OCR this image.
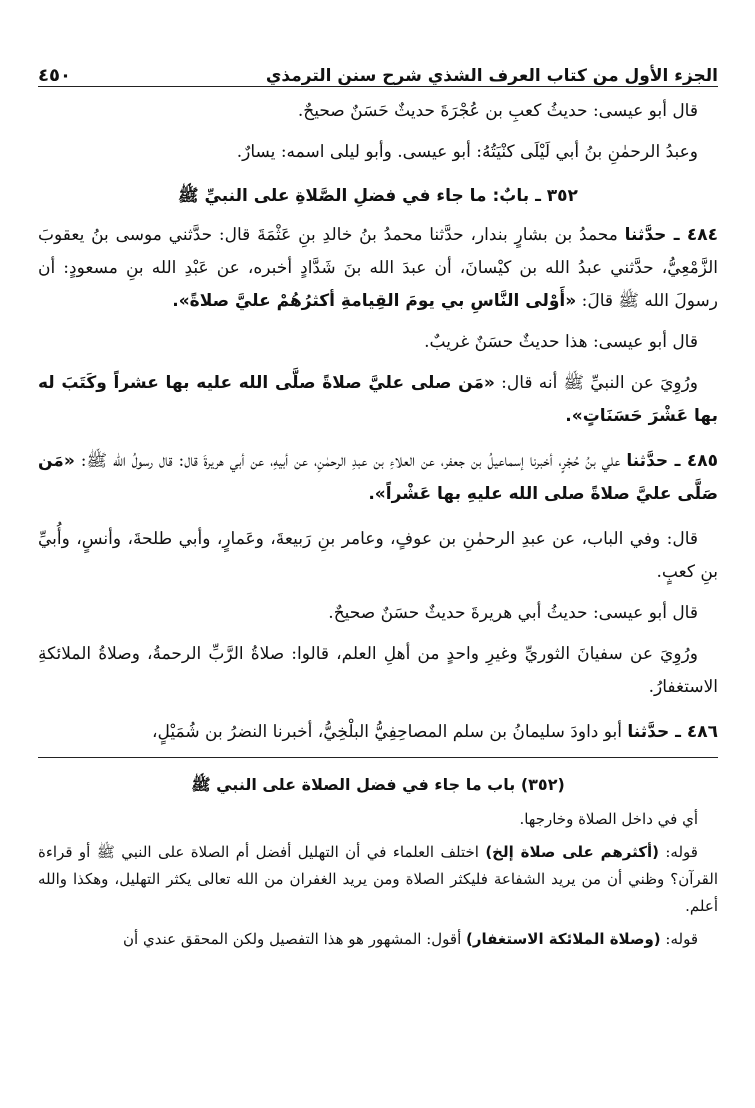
الجزء الأول من كتاب العرف الشذي شرح سنن الترمذي
٤٥٠

قال أبو عيسى: حديثُ كعبِ بن عُجْرَةَ حديثٌ حَسَنٌ صحيحٌ.

وعبدُ الرحمٰنِ بنُ أبي لَيْلَى كنْيَتُهُ: أبو عيسى. وأبو ليلى اسمه: يسارٌ.

٣٥٢ ـ بابٌ: ما جاء في فضلِ الصَّلاةِ على النبيِّ ﷺ

٤٨٤ ـ حدَّثنا محمدُ بن بشارٍ بندار، حدَّثنا محمدُ بنُ خالدِ بنِ عَثْمَةَ قال: حدَّثني موسى بنُ يعقوبَ الزَّمْعِيُّ، حدَّثني عبدُ الله بن كيْسانَ، أن عبدَ الله بنَ شَدَّادٍ أخبره، عن عَبْدِ الله بنِ مسعودٍ: أن رسولَ الله ﷺ قالَ: «أَوْلى النَّاسِ بي يومَ القِيامةِ أكثرُهُمْ عليَّ صلاةً».

قال أبو عيسى: هذا حديثٌ حسَنٌ غريبٌ.

ورُوِيَ عن النبيِّ ﷺ أنه قال: «مَن صلى عليَّ صلاةً صلَّى الله عليه بها عشراً وكَتَبَ له بها عَشْرَ حَسَنَاتٍ».

٤٨٥ ـ حدَّثنا علي بنُ حُجْرٍ، أخبرنا إسماعيلُ بن جعفر، عن العلاءِ بن عبدِ الرحمٰنِ، عن أبيهِ، عن أبي هريرةَ قال: قال رسولُ الله ﷺ: «مَن صَلَّى عليَّ صلاةً صلى الله عليهِ بها عَشْراً».

قال: وفي الباب، عن عبدِ الرحمٰنِ بن عوفٍ، وعامر بنِ رَبيعةَ، وعَمارٍ، وأبي طلحةَ، وأنسٍ، وأُبيِّ بنِ كعبٍ.

قال أبو عيسى: حديثُ أبي هريرةَ حديثٌ حسَنٌ صحيحٌ.

ورُوِيَ عن سفيانَ الثوريِّ وغيرِ واحدٍ من أهلِ العلم، قالوا: صلاةُ الرَّبِّ الرحمةُ، وصلاةُ الملائكةِ الاستغفارُ.

٤٨٦ ـ حدَّثنا أبو داودَ سليمانُ بن سلم المصاحِفِيُّ البلْخِيُّ، أخبرنا النضرُ بن شُمَيْلٍ،

(٣٥٢) باب ما جاء في فضل الصلاة على النبي ﷺ

أي في داخل الصلاة وخارجها.

قوله: (أكثرهم على صلاة إلخ) اختلف العلماء في أن التهليل أفضل أم الصلاة على النبي ﷺ أو قراءة القرآن؟ وظني أن من يريد الشفاعة فليكثر الصلاة ومن يريد الغفران من الله تعالى يكثر التهليل، وهكذا والله أعلم.

قوله: (وصلاة الملائكة الاستغفار) أقول: المشهور هو هذا التفصيل ولكن المحقق عندي أن
